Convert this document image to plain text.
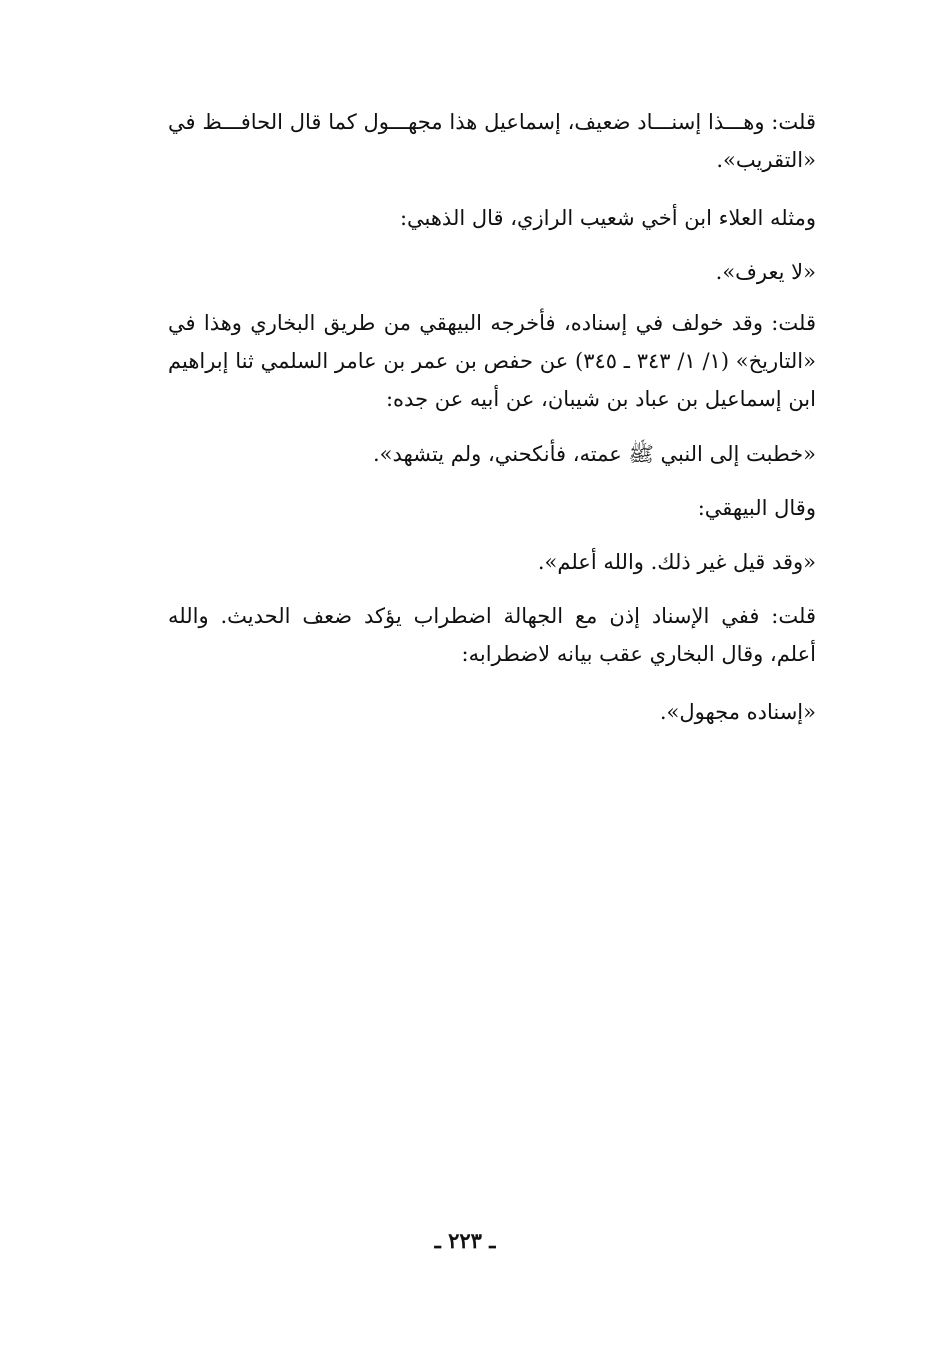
قلت: وهـــذا إسنـــاد ضعيف، إسماعيل هذا مجهـــول كما قال الحافـــظ في «التقريب».
ومثله العلاء ابن أخي شعيب الرازي، قال الذهبي:
«لا يعرف».
قلت: وقد خولف في إسناده، فأخرجه البيهقي من طريق البخاري وهذا في «التاريخ» (١/ ١/ ٣٤٣ ـ ٣٤٥) عن حفص بن عمر بن عامر السلمي ثنا إبراهيم ابن إسماعيل بن عباد بن شيبان، عن أبيه عن جده:
«خطبت إلى النبي ﷺ عمته، فأنكحني، ولم يتشهد».
وقال البيهقي:
«وقد قيل غير ذلك. والله أعلم».
قلت: ففي الإسناد إذن مع الجهالة اضطراب يؤكد ضعف الحديث. والله أعلم، وقال البخاري عقب بيانه لاضطرابه:
«إسناده مجهول».
ـ ٢٢٣ ـ
